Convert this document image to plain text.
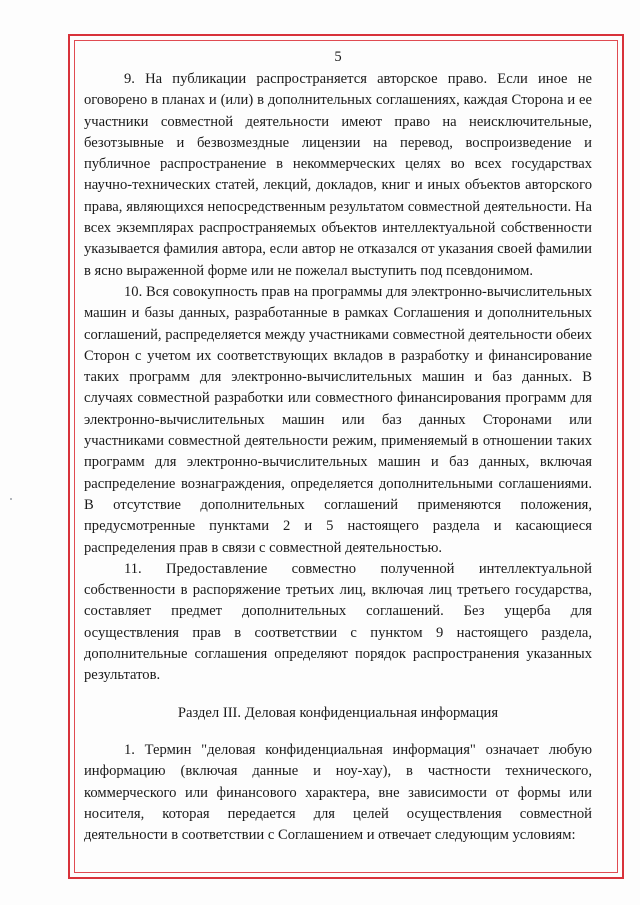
5

9. На публикации распространяется авторское право. Если иное не оговорено в планах и (или) в дополнительных соглашениях, каждая Сторона и ее участники совместной деятельности имеют право на неисключительные, безотзывные и безвозмездные лицензии на перевод, воспроизведение и публичное распространение в некоммерческих целях во всех государствах научно-технических статей, лекций, докладов, книг и иных объектов авторского права, являющихся непосредственным результатом совместной деятельности. На всех экземплярах распространяемых объектов интеллектуальной собственности указывается фамилия автора, если автор не отказался от указания своей фамилии в ясно выраженной форме или не пожелал выступить под псевдонимом.

10. Вся совокупность прав на программы для электронно-вычислительных машин и базы данных, разработанные в рамках Соглашения и дополнительных соглашений, распределяется между участниками совместной деятельности обеих Сторон с учетом их соответствующих вкладов в разработку и финансирование таких программ для электронно-вычислительных машин и баз данных. В случаях совместной разработки или совместного финансирования программ для электронно-вычислительных машин или баз данных Сторонами или участниками совместной деятельности режим, применяемый в отношении таких программ для электронно-вычислительных машин и баз данных, включая распределение вознаграждения, определяется дополнительными соглашениями. В отсутствие дополнительных соглашений применяются положения, предусмотренные пунктами 2 и 5 настоящего раздела и касающиеся распределения прав в связи с совместной деятельностью.

11. Предоставление совместно полученной интеллектуальной собственности в распоряжение третьих лиц, включая лиц третьего государства, составляет предмет дополнительных соглашений. Без ущерба для осуществления прав в соответствии с пунктом 9 настоящего раздела, дополнительные соглашения определяют порядок распространения указанных результатов.

Раздел III. Деловая конфиденциальная информация

1. Термин "деловая конфиденциальная информация" означает любую информацию (включая данные и ноу-хау), в частности технического, коммерческого или финансового характера, вне зависимости от формы или носителя, которая передается для целей осуществления совместной деятельности в соответствии с Соглашением и отвечает следующим условиям:
